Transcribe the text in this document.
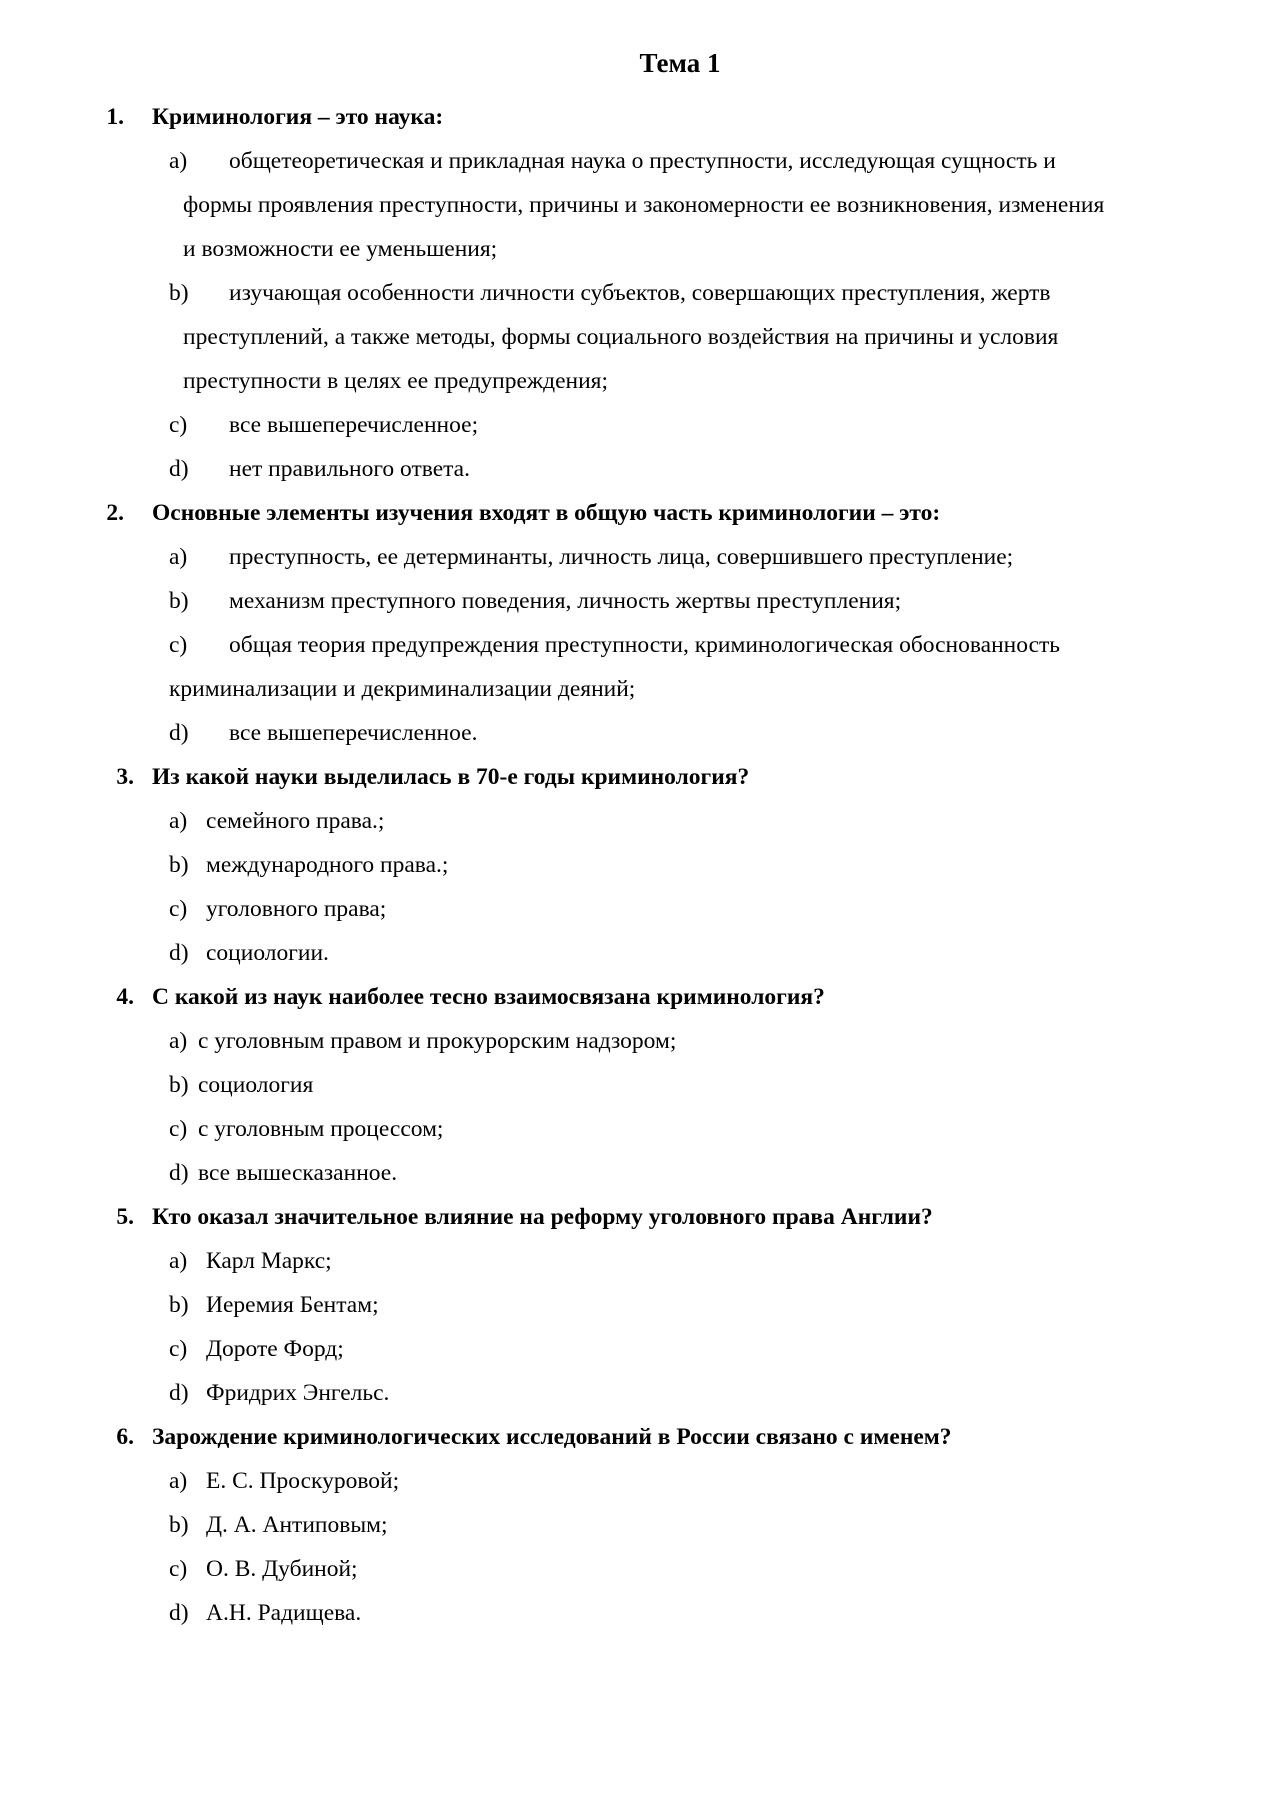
Тема 1
1. Криминология – это наука:
a) общетеоретическая и прикладная наука о преступности, исследующая сущность и
формы проявления преступности, причины и закономерности ее возникновения, изменения
и возможности ее уменьшения;
b) изучающая особенности личности субъектов, совершающих преступления, жертв
преступлений, а также методы, формы социального воздействия на причины и условия
преступности в целях ее предупреждения;
c) все вышеперечисленное;
d) нет правильного ответа.
2. Основные элементы изучения входят в общую часть криминологии – это:
a) преступность, ее детерминанты, личность лица, совершившего преступление;
b) механизм преступного поведения, личность жертвы преступления;
c) общая теория предупреждения преступности, криминологическая обоснованность
криминализации и декриминализации деяний;
d) все вышеперечисленное.
3. Из какой науки выделилась в 70-е годы криминология?
a) семейного права.;
b) международного права.;
c) уголовного права;
d) социологии.
4. С какой из наук наиболее тесно взаимосвязана криминология?
a) с уголовным правом и прокурорским надзором;
b) социология
c) с уголовным процессом;
d) все вышесказанное.
5. Кто оказал значительное влияние на реформу уголовного права Англии?
a) Карл Маркс;
b) Иеремия Бентам;
c) Дороте Форд;
d) Фридрих Энгельс.
6. Зарождение криминологических исследований в России связано с именем?
a) Е. С. Проскуровой;
b) Д. А. Антиповым;
c) О. В. Дубиной;
d) А.Н. Радищева.
